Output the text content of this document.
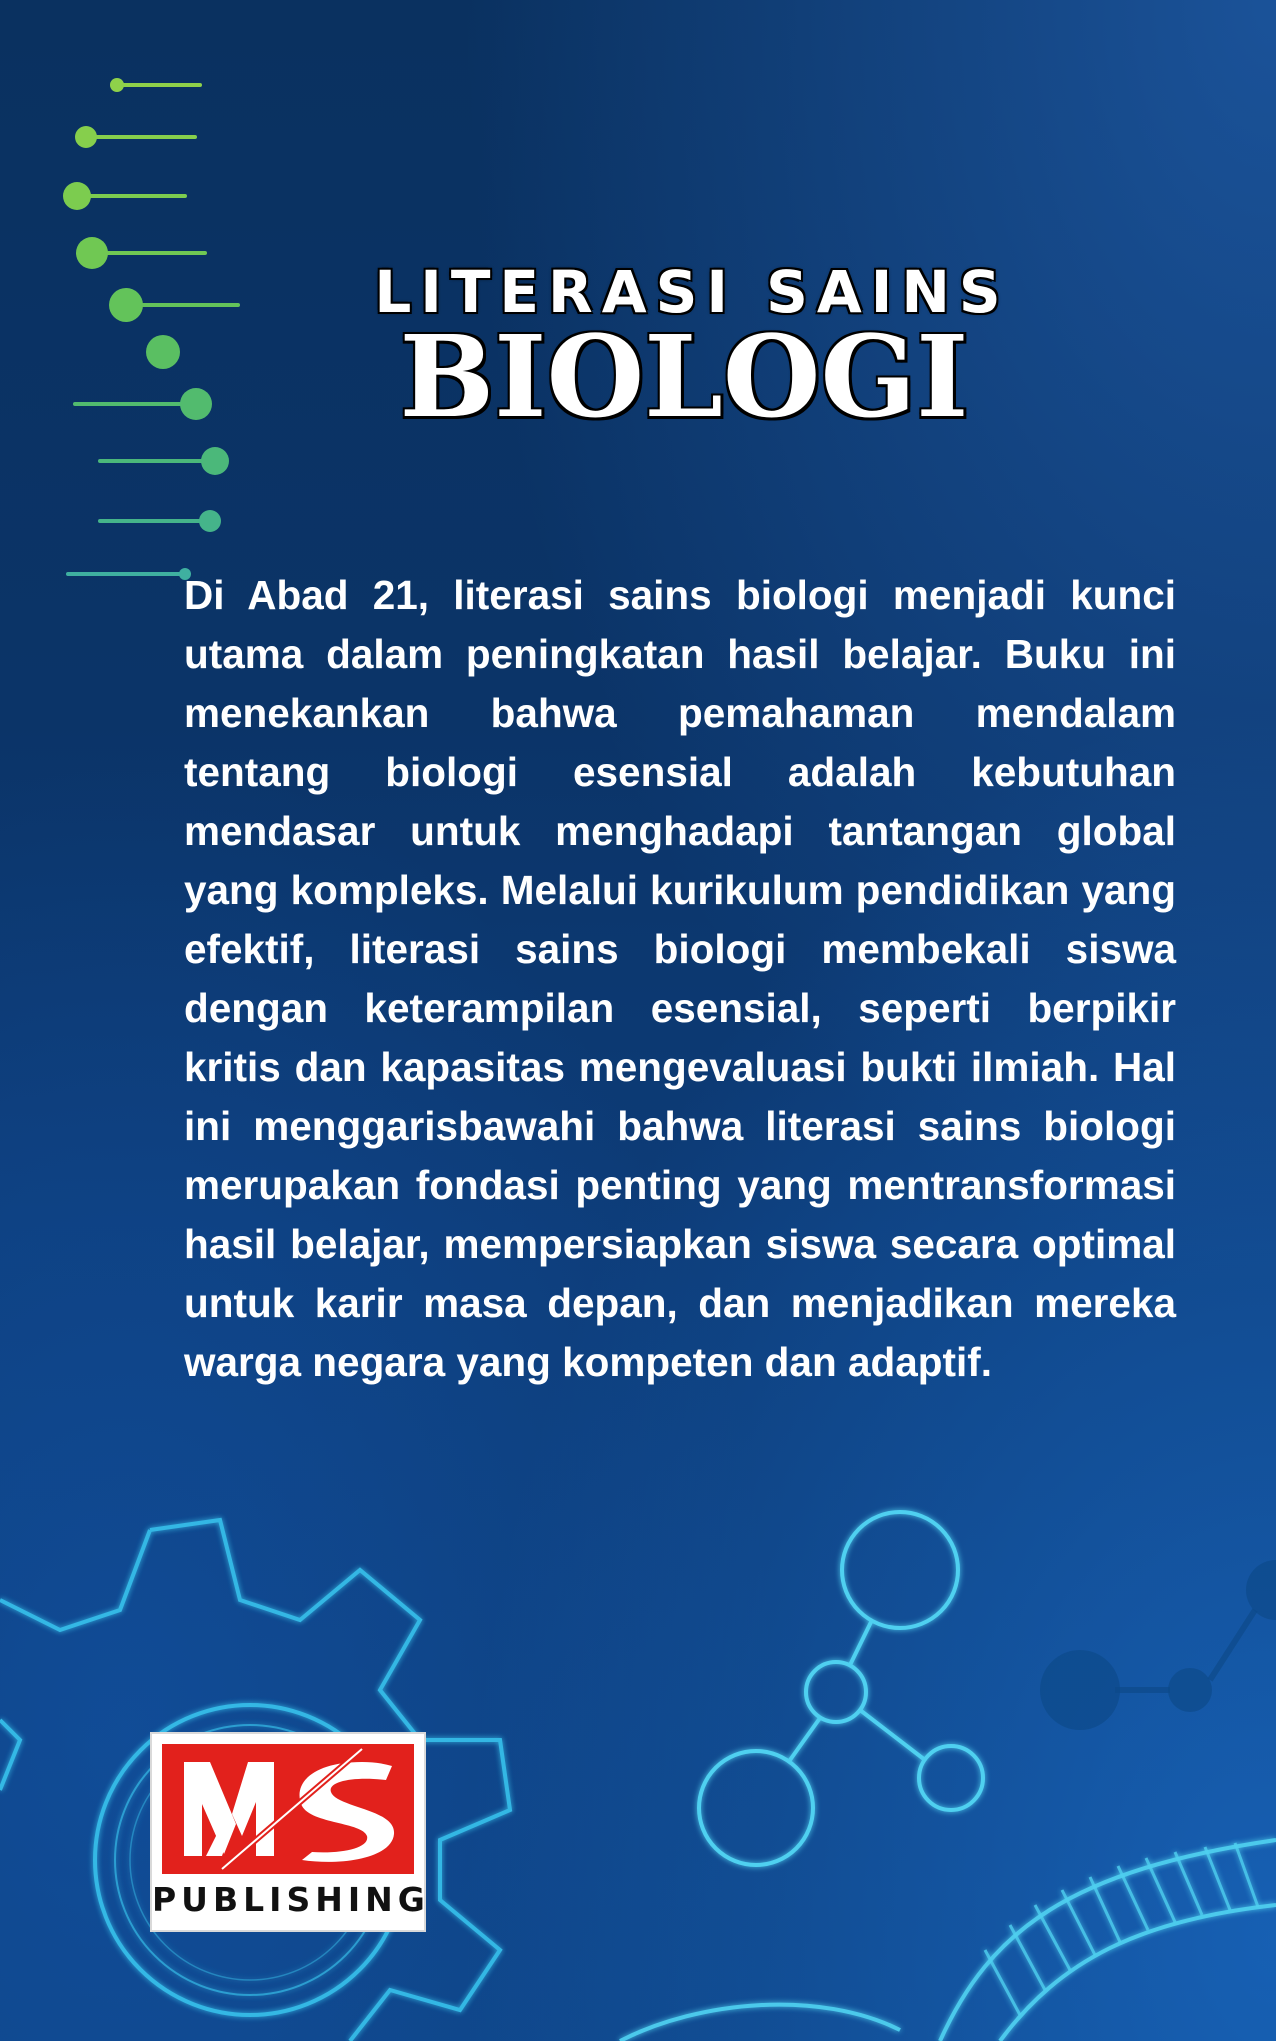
LITERASI SAINS
BIOLOGI

Di Abad 21, literasi sains biologi menjadi kunci utama dalam peningkatan hasil belajar. Buku ini menekankan bahwa pemahaman mendalam tentang biologi esensial adalah kebutuhan mendasar untuk menghadapi tantangan global yang kompleks. Melalui kurikulum pendidikan yang efektif, literasi sains biologi membekali siswa dengan keterampilan esensial, seperti berpikir kritis dan kapasitas mengevaluasi bukti ilmiah. Hal ini menggarisbawahi bahwa literasi sains biologi merupakan fondasi penting yang mentransformasi hasil belajar, mempersiapkan siswa secara optimal untuk karir masa depan, dan menjadikan mereka warga negara yang kompeten dan adaptif.

PUBLISHING
